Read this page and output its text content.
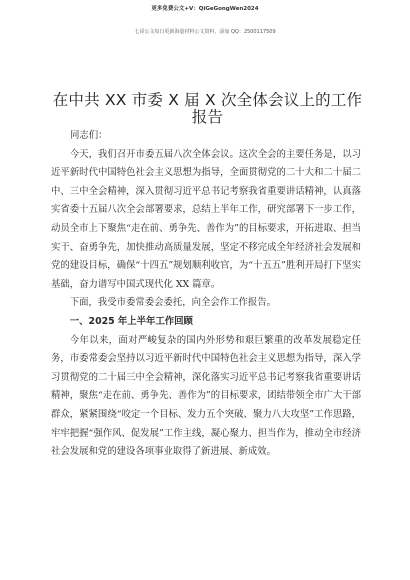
更多免费公文+V：QiGeGongWen2024
七哥公文每日更新海量材料公文资料，添加 QQ：2500117509
在中共 XX 市委 X 届 X 次全体会议上的工作报告

同志们：

今天，我们召开市委五届八次全体会议。这次全会的主要任务是，以习近平新时代中国特色社会主义思想为指导，全面贯彻党的二十大和二十届二中、三中全会精神，深入贯彻习近平总书记考察我省重要讲话精神，认真落实省委十五届八次全会部署要求，总结上半年工作，研究部署下一步工作，动员全市上下聚焦“走在前、勇争先、善作为”的目标要求，开拓进取、担当实干、奋勇争先，加快推动高质量发展，坚定不移完成全年经济社会发展和党的建设目标，确保“十四五”规划顺利收官，为“十五五”胜利开局打下坚实基础，奋力谱写中国式现代化 XX 篇章。

下面，我受市委常委会委托，向全会作工作报告。

一、2025 年上半年工作回顾

今年以来，面对严峻复杂的国内外形势和艰巨繁重的改革发展稳定任务，市委常委会坚持以习近平新时代中国特色社会主义思想为指导，深入学习贯彻党的二十届三中全会精神，深化落实习近平总书记考察我省重要讲话精神，聚焦“走在前、勇争先、善作为”的目标要求，团结带领全市广大干部群众，紧紧围绕“咬定一个目标、发力五个突破、聚力八大攻坚”工作思路，牢牢把握“强作风、促发展”工作主线，凝心聚力、担当作为，推动全市经济社会发展和党的建设各项事业取得了新进展、新成效。
